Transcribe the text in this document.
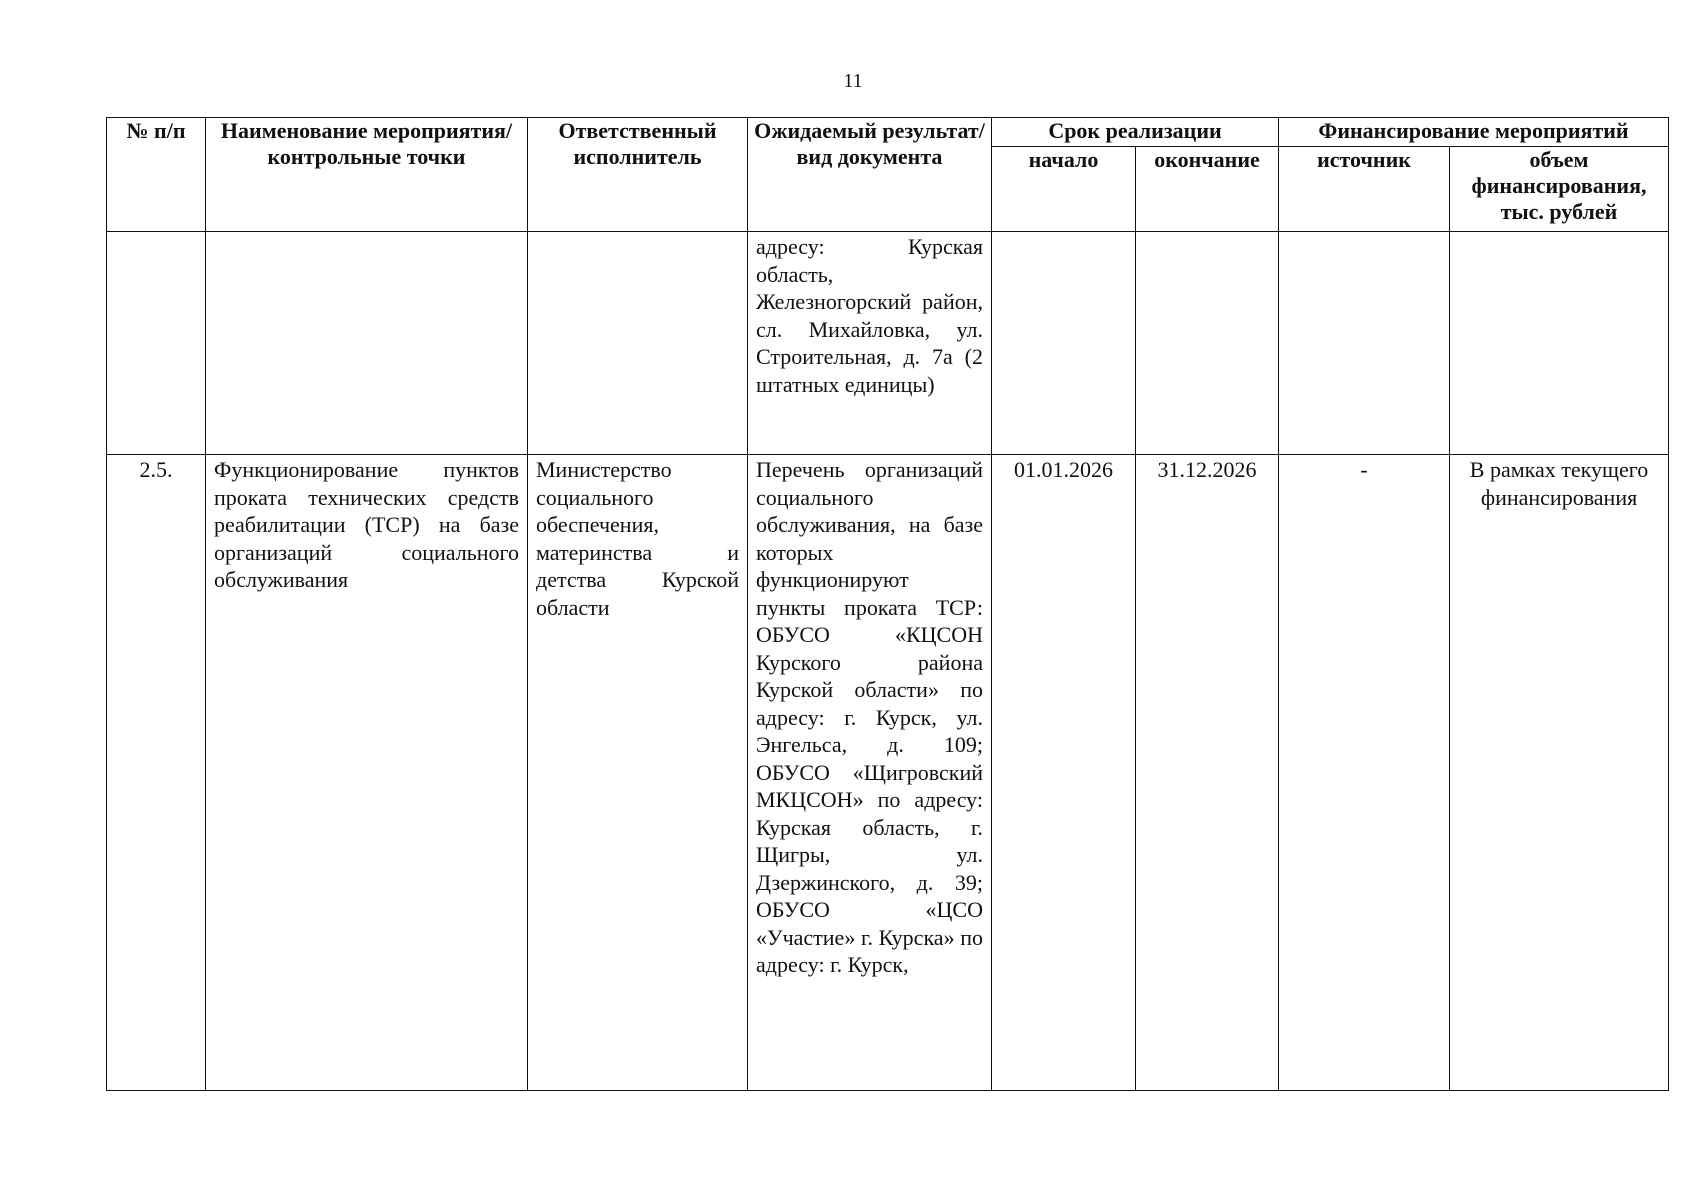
11
№ п/п	Наименование мероприятия/контрольные точки	Ответственный исполнитель	Ожидаемый результат/вид документа	Срок реализации		Финансирование мероприятий	
				начало	окончание	источник	объем финансирования, тыс. рублей
			адресу: Курская область, Железногорский район, сл. Михайловка, ул. Строительная, д. 7а (2 штатных единицы)				
2.5.	Функционирование пунктов проката технических средств реабилитации (ТСР) на базе организаций социального обслуживания	Министерство социального обеспечения, материнства и детства Курской области	Перечень организаций социального обслуживания, на базе которых функционируют пункты проката ТСР: ОБУСО «КЦСОН Курского района Курской области» по адресу: г. Курск, ул. Энгельса, д. 109; ОБУСО «Щигровский МКЦСОН» по адресу: Курская область, г. Щигры, ул. Дзержинского, д. 39; ОБУСО «ЦСО «Участие» г. Курска» по адресу: г. Курск,	01.01.2026	31.12.2026	-	В рамках текущего финансирования
